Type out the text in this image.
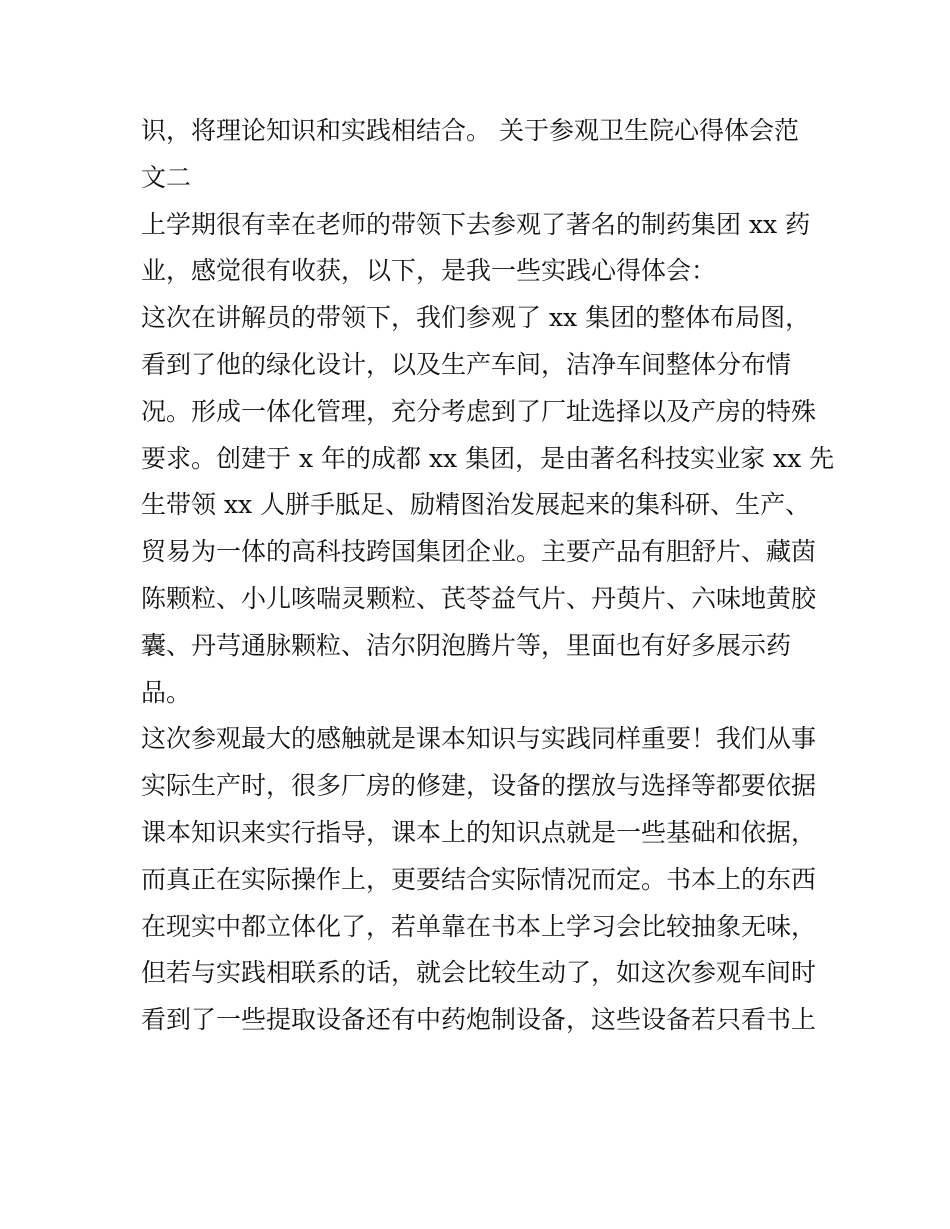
识，将理论知识和实践相结合。 关于参观卫生院心得体会范
文二
上学期很有幸在老师的带领下去参观了著名的制药集团 xx 药
业，感觉很有收获，以下，是我一些实践心得体会：
这次在讲解员的带领下，我们参观了 xx 集团的整体布局图，
看到了他的绿化设计，以及生产车间，洁净车间整体分布情
况。形成一体化管理，充分考虑到了厂址选择以及产房的特殊
要求。创建于 x 年的成都 xx 集团，是由著名科技实业家 xx 先
生带领 xx 人胼手胝足、励精图治发展起来的集科研、生产、
贸易为一体的高科技跨国集团企业。主要产品有胆舒片、藏茵
陈颗粒、小儿咳喘灵颗粒、芪苓益气片、丹萸片、六味地黄胶
囊、丹芎通脉颗粒、洁尔阴泡腾片等，里面也有好多展示药
品。
这次参观最大的感触就是课本知识与实践同样重要！我们从事
实际生产时，很多厂房的修建，设备的摆放与选择等都要依据
课本知识来实行指导，课本上的知识点就是一些基础和依据，
而真正在实际操作上，更要结合实际情况而定。书本上的东西
在现实中都立体化了，若单靠在书本上学习会比较抽象无味，
但若与实践相联系的话，就会比较生动了，如这次参观车间时
看到了一些提取设备还有中药炮制设备，这些设备若只看书上
